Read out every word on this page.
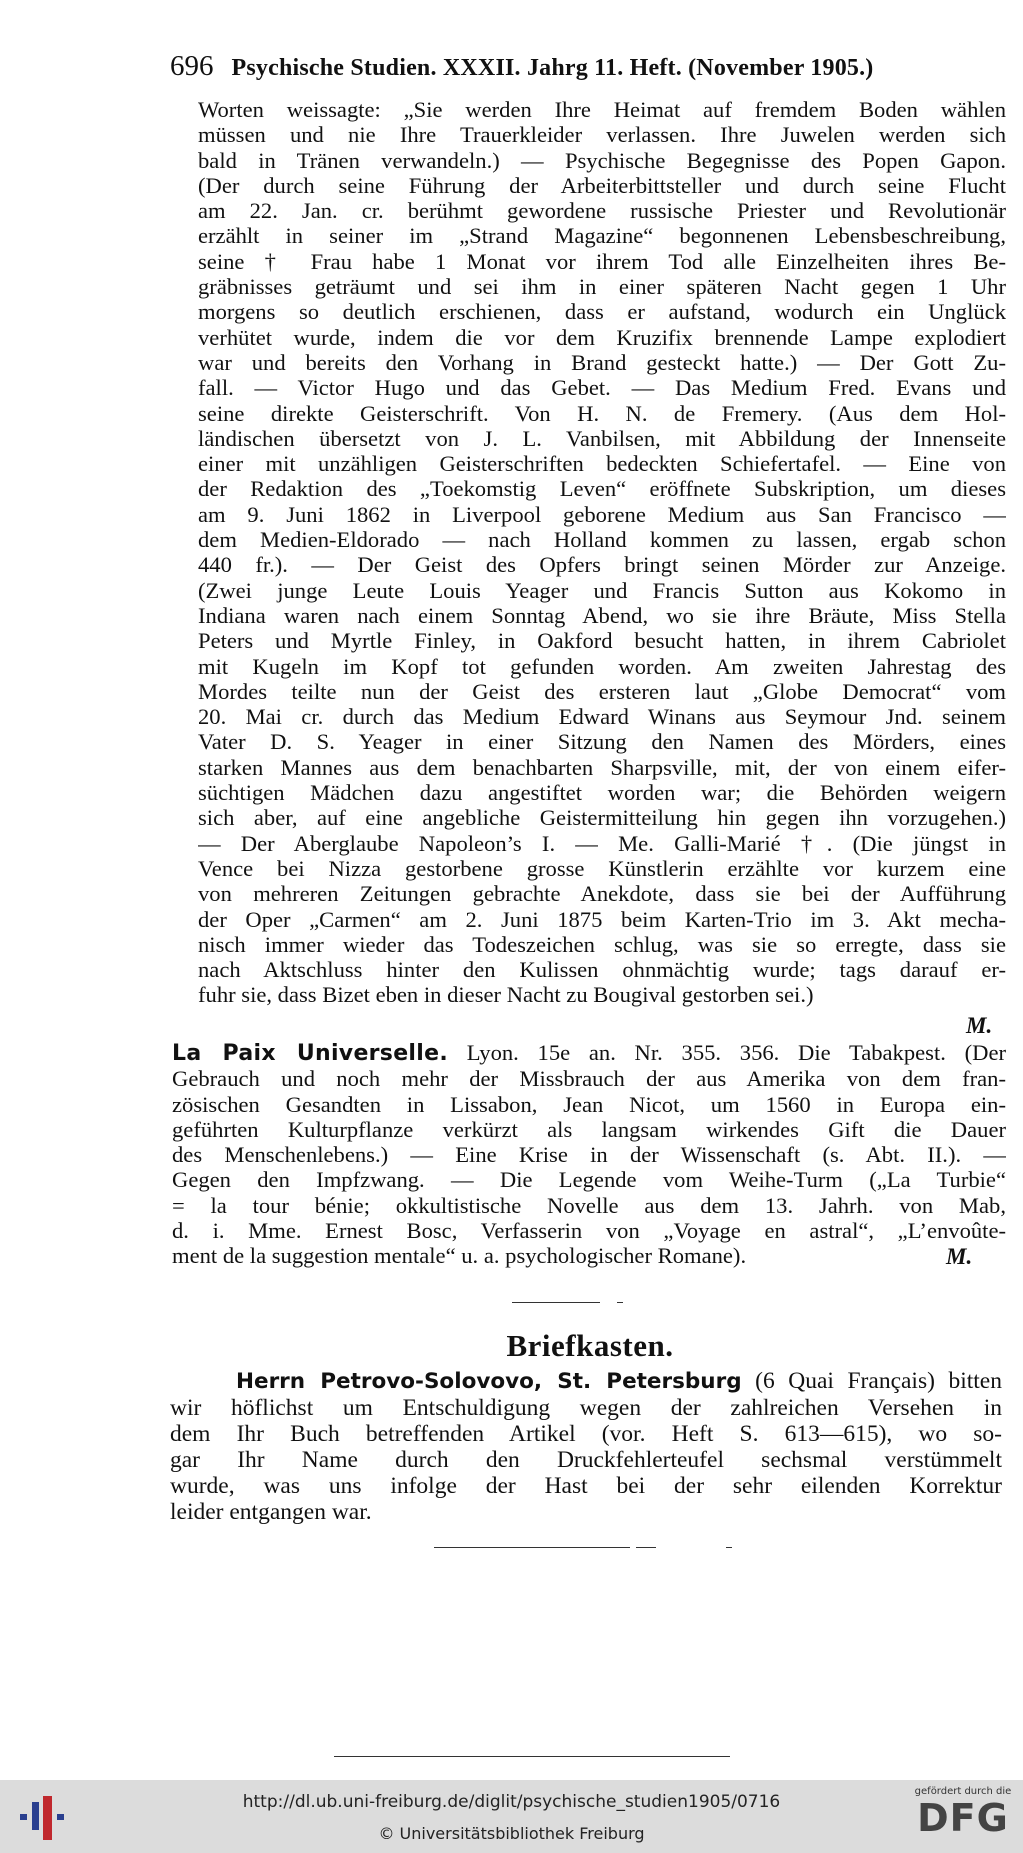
696 Psychische Studien. XXXII. Jahrg 11. Heft. (November 1905.)
Worten weissagte: „Sie werden Ihre Heimat auf fremdem Boden wählen
müssen und nie Ihre Trauerkleider verlassen. Ihre Juwelen werden sich
bald in Tränen verwandeln.) — Psychische Begegnisse des Popen Gapon.
(Der durch seine Führung der Arbeiterbittsteller und durch seine Flucht
am 22. Jan. cr. berühmt gewordene russische Priester und Revolutionär
erzählt in seiner im „Strand Magazine“ begonnenen Lebensbeschreibung,
seine † Frau habe 1 Monat vor ihrem Tod alle Einzelheiten ihres Be-
gräbnisses geträumt und sei ihm in einer späteren Nacht gegen 1 Uhr
morgens so deutlich erschienen, dass er aufstand, wodurch ein Unglück
verhütet wurde, indem die vor dem Kruzifix brennende Lampe explodiert
war und bereits den Vorhang in Brand gesteckt hatte.) — Der Gott Zu-
fall. — Victor Hugo und das Gebet. — Das Medium Fred. Evans und
seine direkte Geisterschrift. Von H. N. de Fremery. (Aus dem Hol-
ländischen übersetzt von J. L. Vanbilsen, mit Abbildung der Innenseite
einer mit unzähligen Geisterschriften bedeckten Schiefertafel. — Eine von
der Redaktion des „Toekomstig Leven“ eröffnete Subskription, um dieses
am 9. Juni 1862 in Liverpool geborene Medium aus San Francisco —
dem Medien-Eldorado — nach Holland kommen zu lassen, ergab schon
440 fr.). — Der Geist des Opfers bringt seinen Mörder zur Anzeige.
(Zwei junge Leute Louis Yeager und Francis Sutton aus Kokomo in
Indiana waren nach einem Sonntag Abend, wo sie ihre Bräute, Miss Stella
Peters und Myrtle Finley, in Oakford besucht hatten, in ihrem Cabriolet
mit Kugeln im Kopf tot gefunden worden. Am zweiten Jahrestag des
Mordes teilte nun der Geist des ersteren laut „Globe Democrat“ vom
20. Mai cr. durch das Medium Edward Winans aus Seymour Jnd. seinem
Vater D. S. Yeager in einer Sitzung den Namen des Mörders, eines
starken Mannes aus dem benachbarten Sharpsville, mit, der von einem eifer-
süchtigen Mädchen dazu angestiftet worden war; die Behörden weigern
sich aber, auf eine angebliche Geistermitteilung hin gegen ihn vorzugehen.)
— Der Aberglaube Napoleon’s I. — Me. Galli-Marié †. (Die jüngst in
Vence bei Nizza gestorbene grosse Künstlerin erzählte vor kurzem eine
von mehreren Zeitungen gebrachte Anekdote, dass sie bei der Aufführung
der Oper „Carmen“ am 2. Juni 1875 beim Karten-Trio im 3. Akt mecha-
nisch immer wieder das Todeszeichen schlug, was sie so erregte, dass sie
nach Aktschluss hinter den Kulissen ohnmächtig wurde; tags darauf er-
fuhr sie, dass Bizet eben in dieser Nacht zu Bougival gestorben sei.)
M.
La Paix Universelle. Lyon. 15e an. Nr. 355. 356. Die Tabakpest. (Der
Gebrauch und noch mehr der Missbrauch der aus Amerika von dem fran-
zösischen Gesandten in Lissabon, Jean Nicot, um 1560 in Europa ein-
geführten Kulturpflanze verkürzt als langsam wirkendes Gift die Dauer
des Menschenlebens.) — Eine Krise in der Wissenschaft (s. Abt. II.). —
Gegen den Impfzwang. — Die Legende vom Weihe-Turm („La Turbie“
= la tour bénie; okkultistische Novelle aus dem 13. Jahrh. von Mab,
d. i. Mme. Ernest Bosc, Verfasserin von „Voyage en astral“, „L’envoûte-
ment de la suggestion mentale“ u. a. psychologischer Romane).	M.
Briefkasten.
Herrn Petrovo-Solovovo, St. Petersburg (6 Quai Français) bitten
wir höflichst um Entschuldigung wegen der zahlreichen Versehen in
dem Ihr Buch betreffenden Artikel (vor. Heft S. 613—615), wo so-
gar Ihr Name durch den Druckfehlerteufel sechsmal verstümmelt
wurde, was uns infolge der Hast bei der sehr eilenden Korrektur
leider entgangen war.
http://dl.ub.uni-freiburg.de/diglit/psychische_studien1905/0716
© Universitätsbibliothek Freiburg
gefördert durch die
DFG
